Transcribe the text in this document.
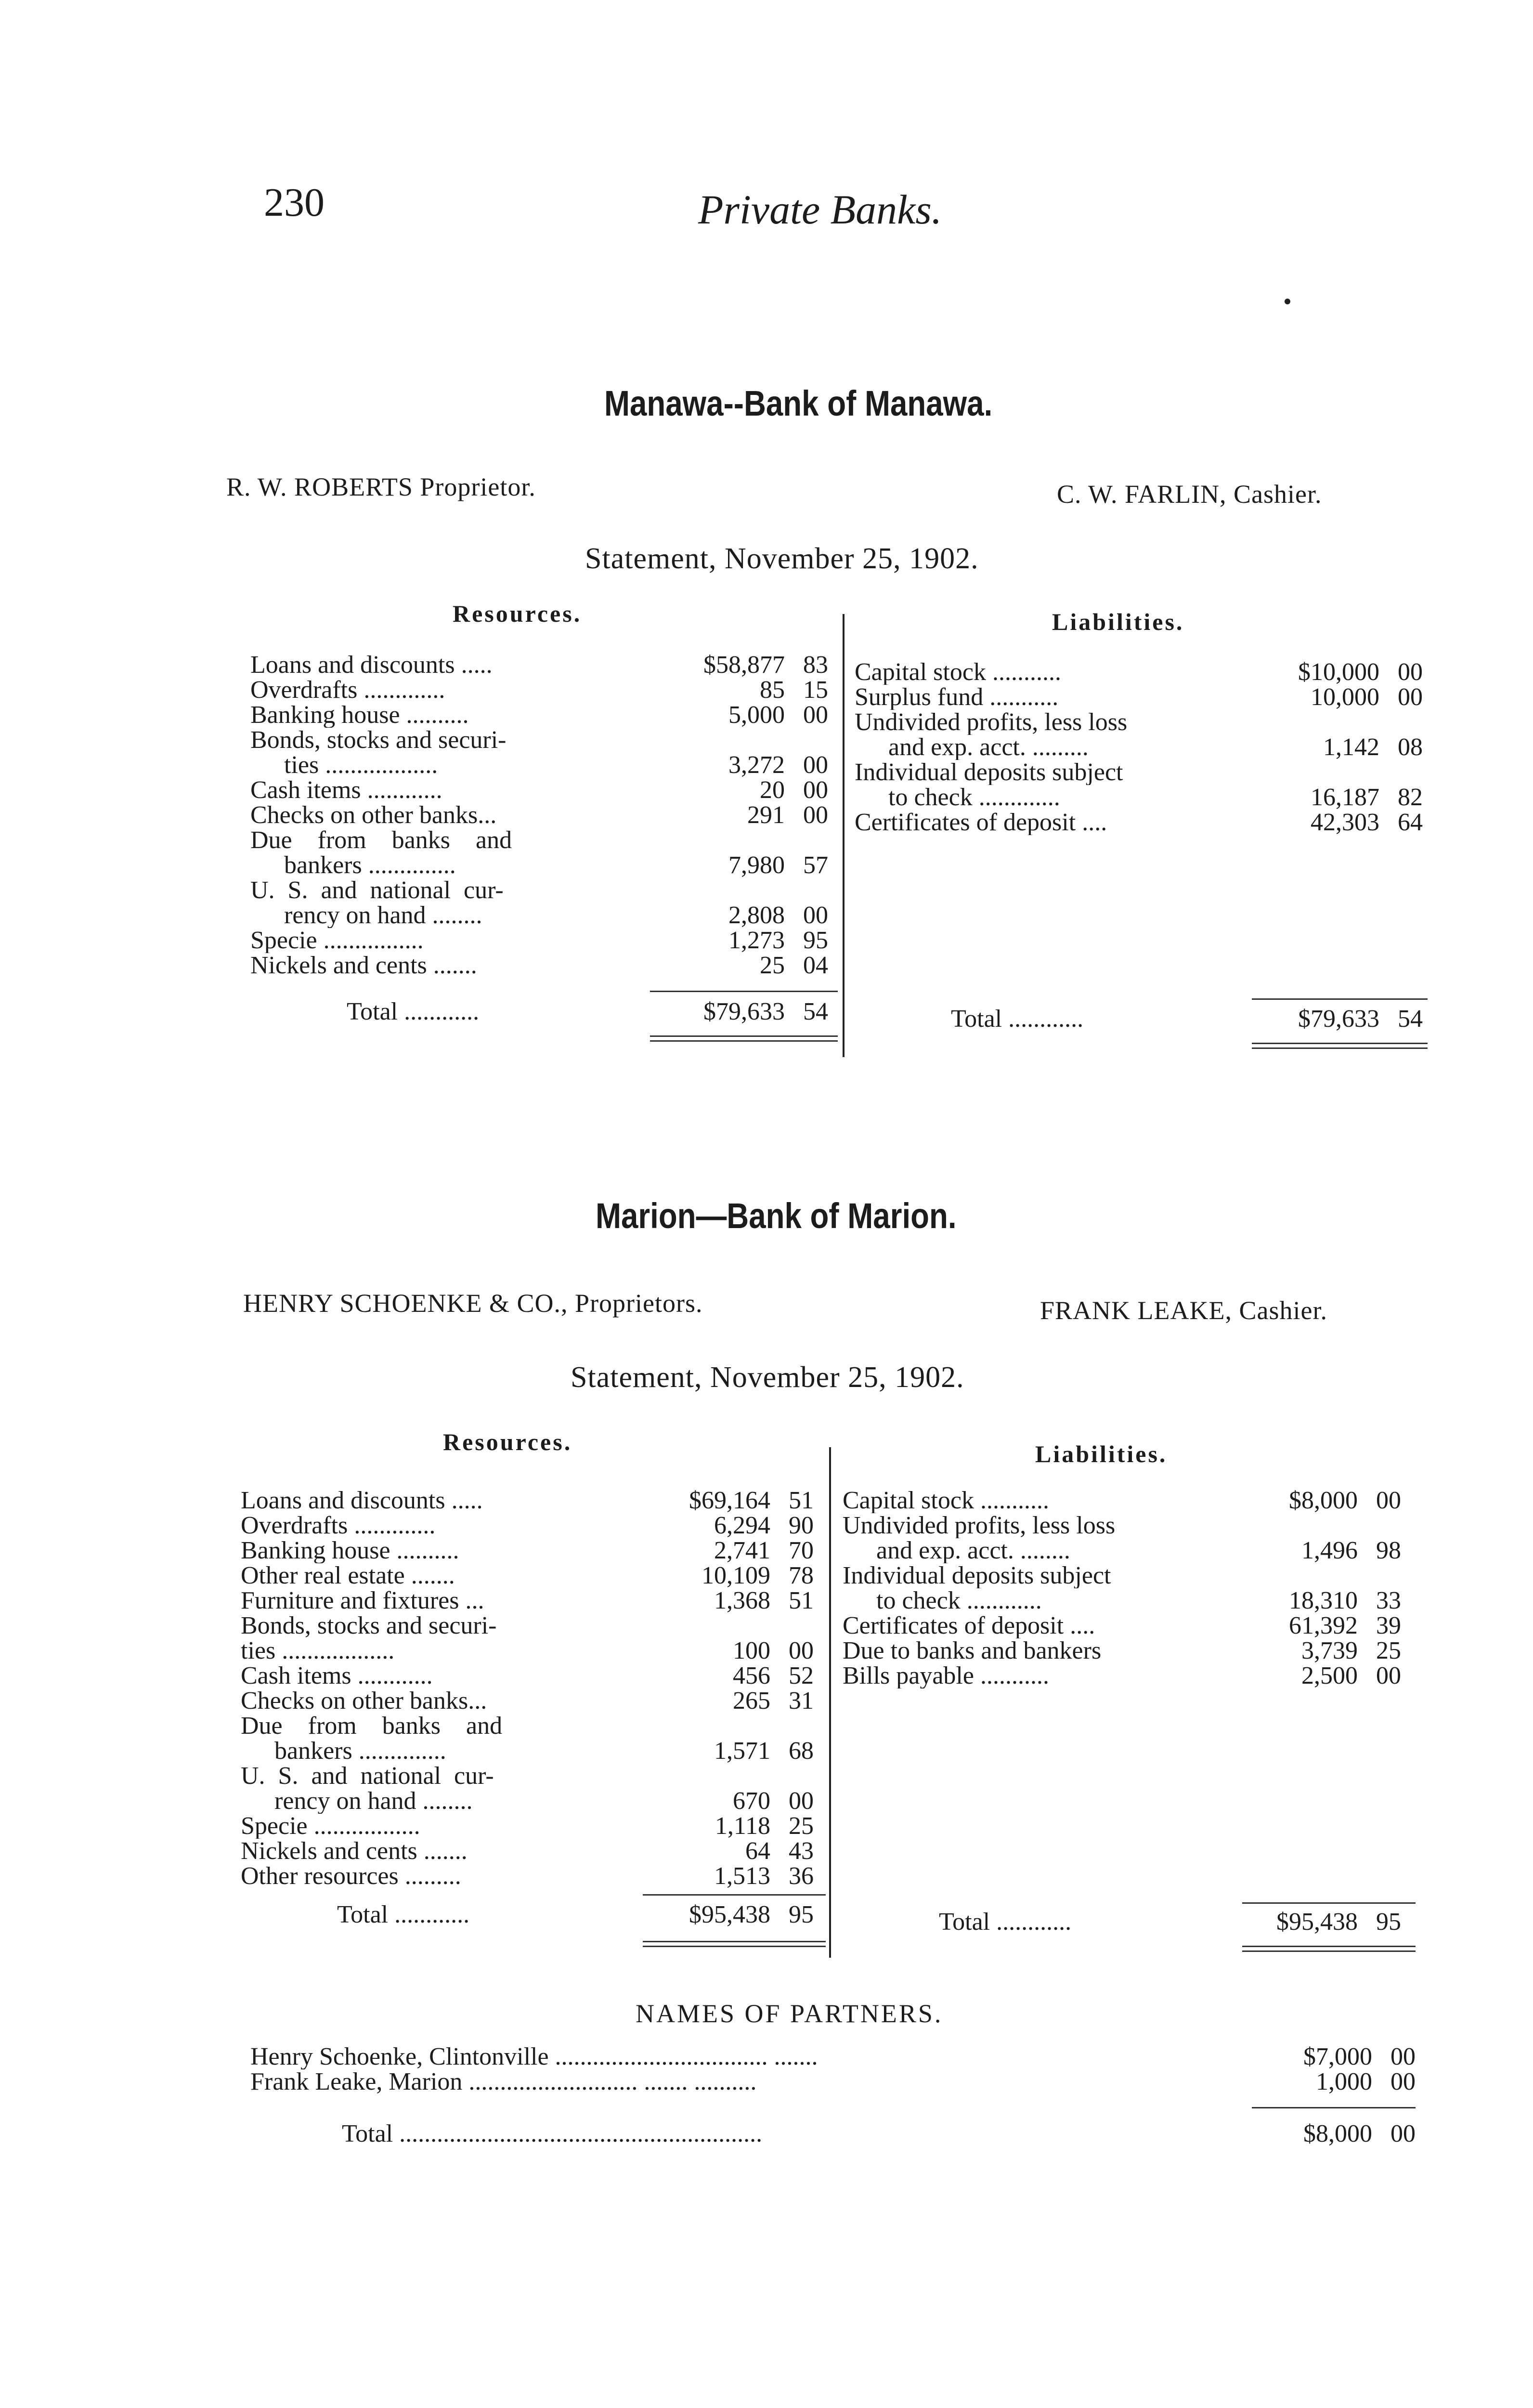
230	Private Banks.
Manawa--Bank of Manawa.
R. W. ROBERTS Proprietor.	C. W. FARLIN, Cashier.
Statement, November 25, 1902.
Resources.	Liabilities.
Loans and discounts .....	$58,877 83
Overdrafts .............	85 15
Banking house ..........	5,000 00
Bonds, stocks and securi-
ties ..................	3,272 00
Cash items ............	20 00
Checks on other banks...	291 00
Due from banks and
bankers ..............	7,980 57
U. S. and national cur-
rency on hand ........	2,808 00
Specie ................	1,273 95
Nickels and cents .......	25 04
Capital stock ...........	$10,000 00
Surplus fund ...........	10,000 00
Undivided profits, less loss
and exp. acct. .........	1,142 08
Individual deposits subject
to check .............	16,187 82
Certificates of deposit ....	42,303 64
Total ............	$79,633 54	Total ............	$79,633 54
Marion—Bank of Marion.
HENRY SCHOENKE & CO., Proprietors.	FRANK LEAKE, Cashier.
Statement, November 25, 1902.
Resources.	Liabilities.
Loans and discounts .....	$69,164 51
Overdrafts .............	6,294 90
Banking house ..........	2,741 70
Other real estate .......	10,109 78
Furniture and fixtures ...	1,368 51
Bonds, stocks and securi-
ties ..................	100 00
Cash items ............	456 52
Checks on other banks...	265 31
Due from banks and
bankers ..............	1,571 68
U. S. and national cur-
rency on hand ........	670 00
Specie .................	1,118 25
Nickels and cents .......	64 43
Other resources .........	1,513 36
Capital stock ...........	$8,000 00
Undivided profits, less loss
and exp. acct. ........	1,496 98
Individual deposits subject
to check ............	18,310 33
Certificates of deposit ....	61,392 39
Due to banks and bankers	3,739 25
Bills payable ...........	2,500 00
Total ............	$95,438 95	Total ............	$95,438 95
NAMES OF PARTNERS.
Henry Schoenke, Clintonville .................................. .......	$7,000 00
Frank Leake, Marion ........................... ....... ..........	1,000 00
Total ..........................................................	$8,000 00
